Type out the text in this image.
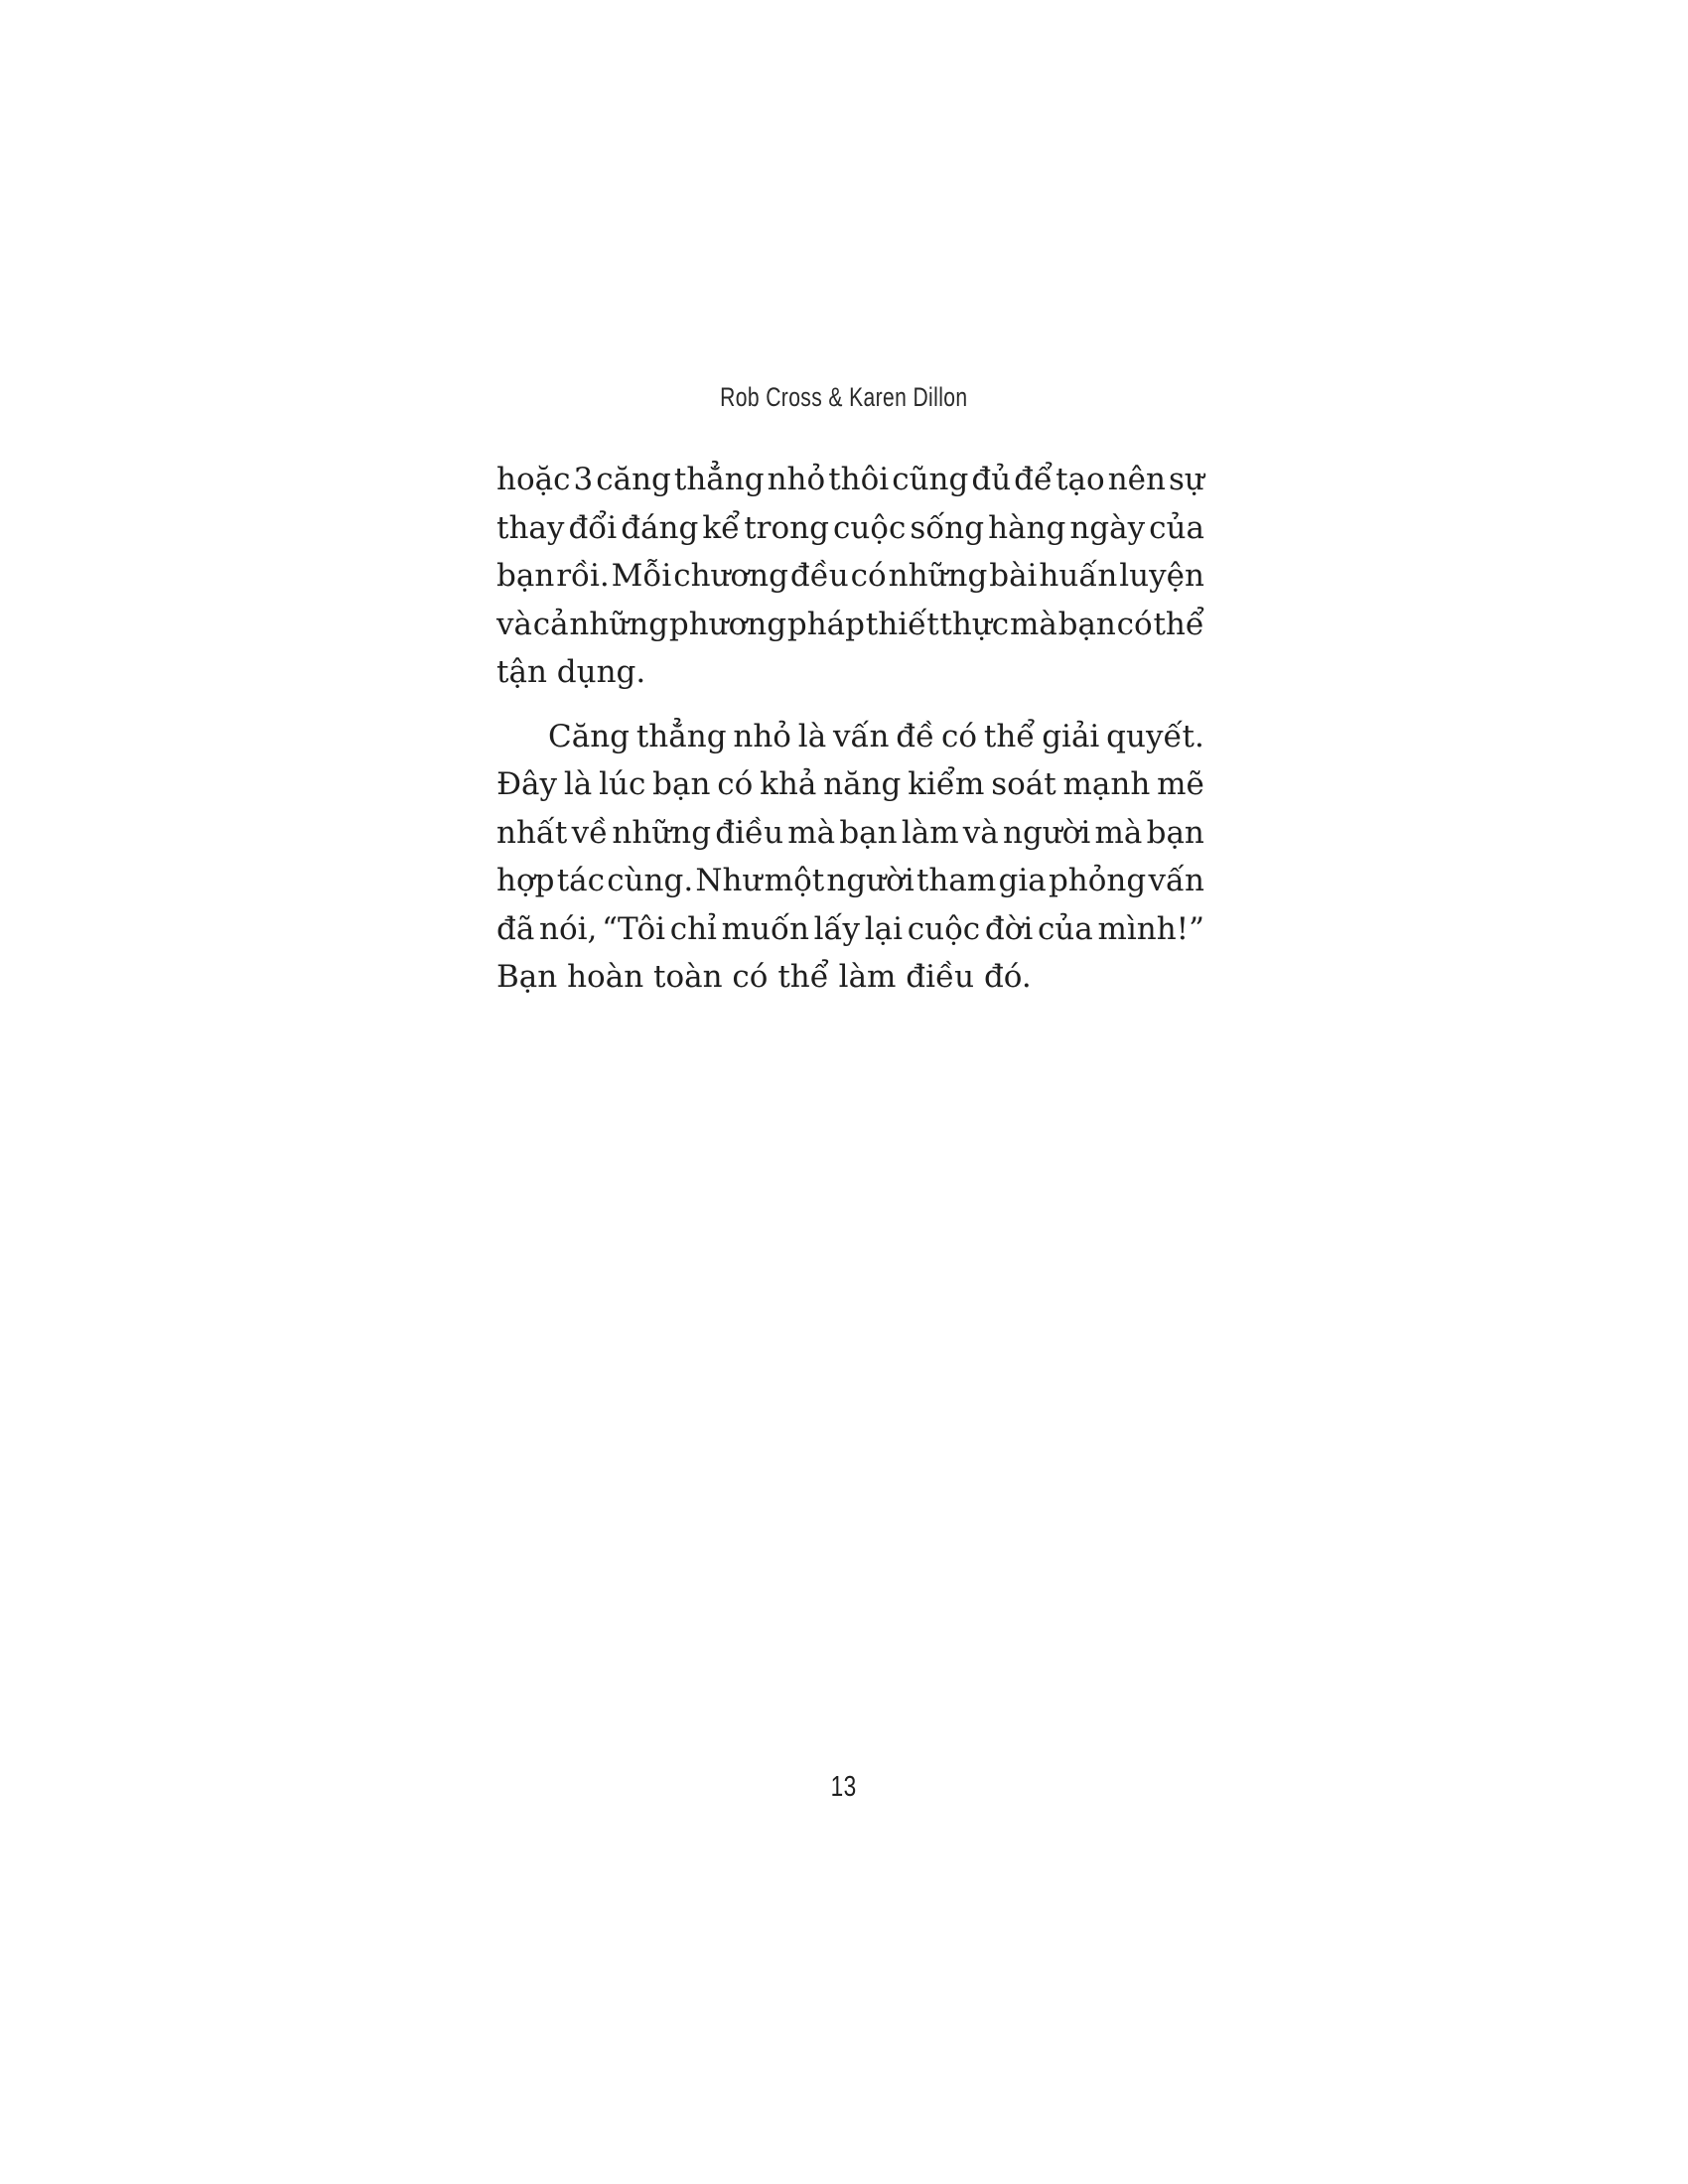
Rob Cross & Karen Dillon
hoặc 3 căng thẳng nhỏ thôi cũng đủ để tạo nên sự
thay đổi đáng kể trong cuộc sống hàng ngày của
bạn rồi. Mỗi chương đều có những bài huấn luyện
và cả những phương pháp thiết thực mà bạn có thể
tận dụng.
Căng thẳng nhỏ là vấn đề có thể giải quyết.
Đây là lúc bạn có khả năng kiểm soát mạnh mẽ
nhất về những điều mà bạn làm và người mà bạn
hợp tác cùng. Như một người tham gia phỏng vấn
đã nói, “Tôi chỉ muốn lấy lại cuộc đời của mình!”
Bạn hoàn toàn có thể làm điều đó.
13
